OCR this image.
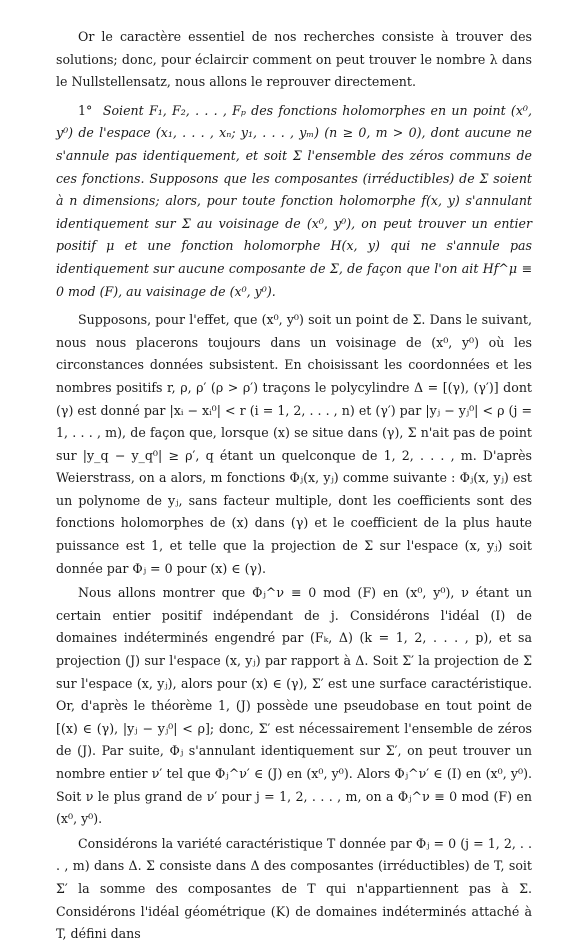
Or le caractère essentiel de nos recherches consiste à trouver des solutions; donc, pour éclaircir comment on peut trouver le nombre λ dans le Nullstellensatz, nous allons le reprouver directement.

1° Soient F₁, F₂, . . . , Fₚ des fonctions holomorphes en un point (x⁰, y⁰) de l'espace (x₁, . . . , xₙ; y₁, . . . , yₘ) (n ≥ 0, m > 0), dont aucune ne s'annule pas identiquement, et soit Σ l'ensemble des zéros communs de ces fonctions. Supposons que les composantes (irréductibles) de Σ soient à n dimensions; alors, pour toute fonction holomorphe f(x, y) s'annulant identiquement sur Σ au voisinage de (x⁰, y⁰), on peut trouver un entier positif μ et une fonction holomorphe H(x, y) qui ne s'annule pas identiquement sur aucune composante de Σ, de façon que l'on ait Hf^μ ≡ 0 mod (F), au vaisinage de (x⁰, y⁰).

Supposons, pour l'effet, que (x⁰, y⁰) soit un point de Σ. Dans le suivant, nous nous placerons toujours dans un voisinage de (x⁰, y⁰) où les circonstances données subsistent. En choisissant les coordonnées et les nombres positifs r, ρ, ρ′ (ρ > ρ′) traçons le polycylindre Δ = [(γ), (γ′)] dont (γ) est donné par |xᵢ − xᵢ⁰| < r (i = 1, 2, . . . , n) et (γ′) par |yⱼ − yⱼ⁰| < ρ (j = 1, . . . , m), de façon que, lorsque (x) se situe dans (γ), Σ n'ait pas de point sur |y_q − y_q⁰| ≥ ρ′, q étant un quelconque de 1, 2, . . . , m. D'après Weierstrass, on a alors, m fonctions Φⱼ(x, yⱼ) comme suivante : Φⱼ(x, yⱼ) est un polynome de yⱼ, sans facteur multiple, dont les coefficients sont des fonctions holomorphes de (x) dans (γ) et le coefficient de la plus haute puissance est 1, et telle que la projection de Σ sur l'espace (x, yⱼ) soit donnée par Φⱼ = 0 pour (x) ∈ (γ).

Nous allons montrer que Φⱼ^ν ≡ 0 mod (F) en (x⁰, y⁰), ν étant un certain entier positif indépendant de j. Considérons l'idéal (I) de domaines indéterminés engendré par (Fₖ, Δ) (k = 1, 2, . . . , p), et sa projection (J) sur l'espace (x, yⱼ) par rapport à Δ. Soit Σ′ la projection de Σ sur l'espace (x, yⱼ), alors pour (x) ∈ (γ), Σ′ est une surface caractéristique. Or, d'après le théorème 1, (J) possède une pseudobase en tout point de [(x) ∈ (γ), |yⱼ − yⱼ⁰| < ρ]; donc, Σ′ est nécessairement l'ensemble de zéros de (J). Par suite, Φⱼ s'annulant identiquement sur Σ′, on peut trouver un nombre entier ν′ tel que Φⱼ^ν′ ∈ (J) en (x⁰, y⁰). Alors Φⱼ^ν′ ∈ (I) en (x⁰, y⁰). Soit ν le plus grand de ν′ pour j = 1, 2, . . . , m, on a Φⱼ^ν ≡ 0 mod (F) en (x⁰, y⁰).

Considérons la variété caractéristique T donnée par Φⱼ = 0 (j = 1, 2, . . . , m) dans Δ. Σ consiste dans Δ des composantes (irréductibles) de T, soit Σ′ la somme des composantes de T qui n'appartiennent pas à Σ. Considérons l'idéal géométrique (K) de domaines indéterminés attaché à T, défini dans
